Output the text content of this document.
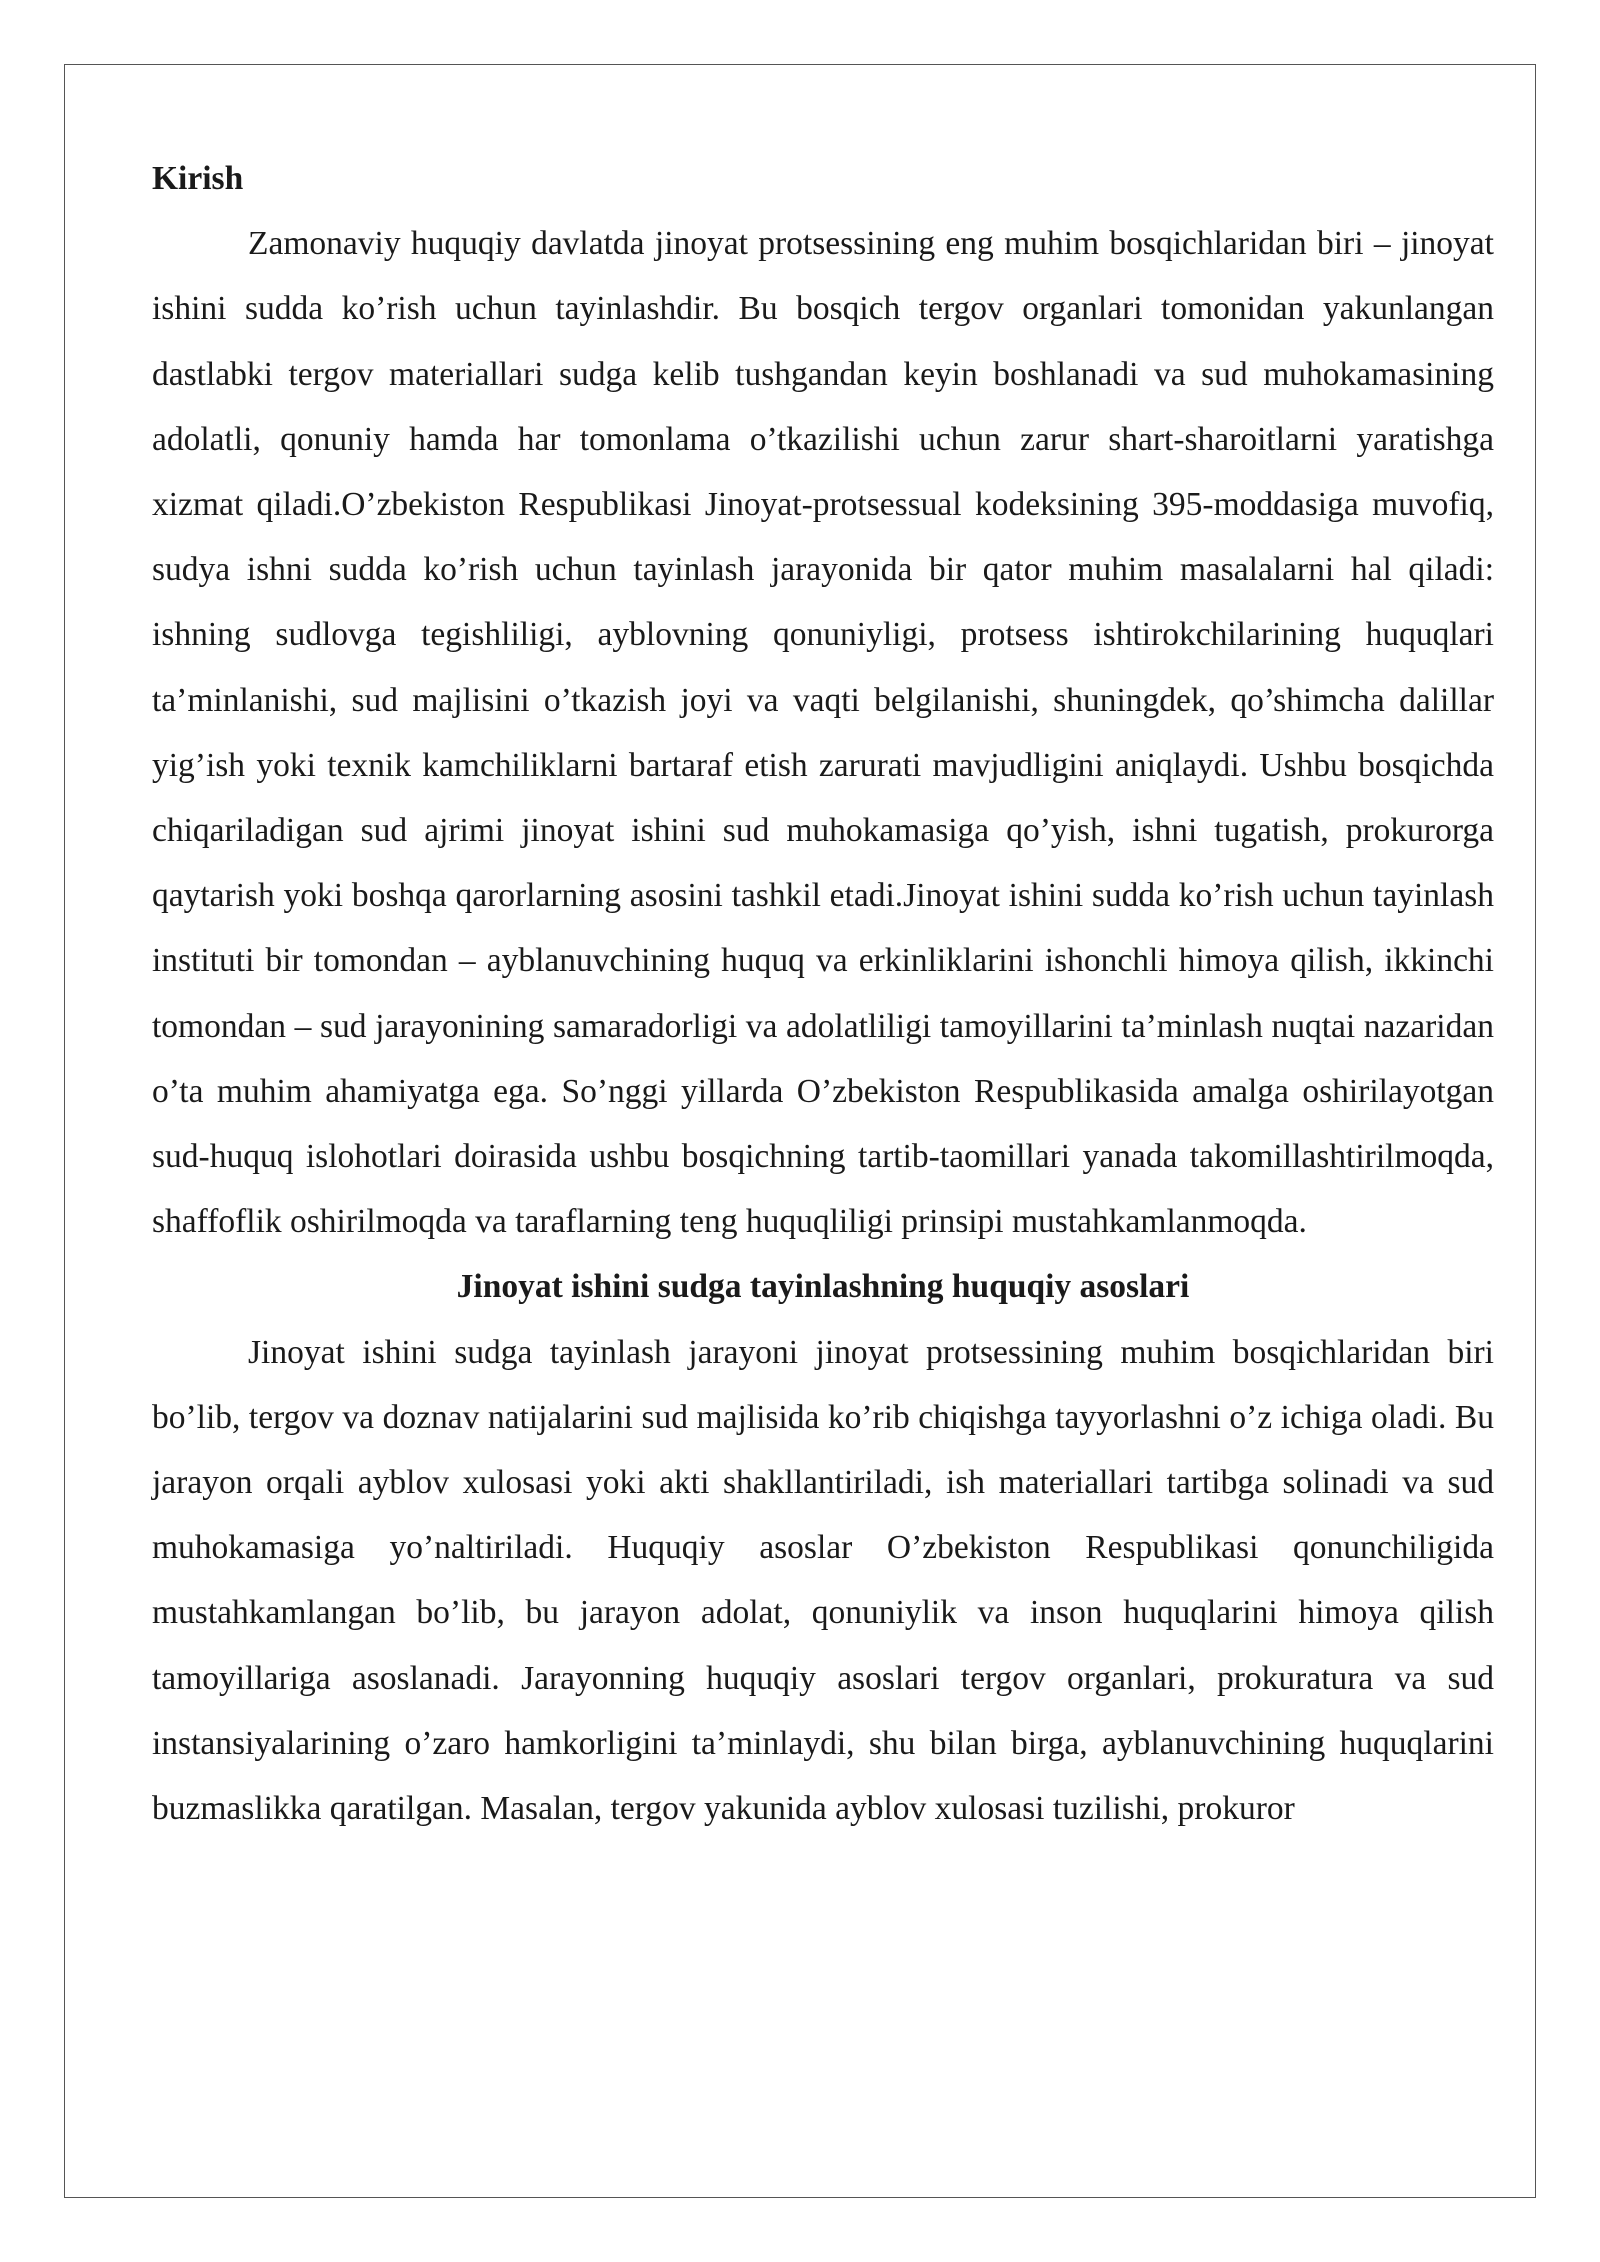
Kirish

Zamonaviy huquqiy davlatda jinoyat protsessining eng muhim bosqichlaridan biri – jinoyat ishini sudda ko’rish uchun tayinlashdir. Bu bosqich tergov organlari tomonidan yakunlangan dastlabki tergov materiallari sudga kelib tushgandan keyin boshlanadi va sud muhokamasining adolatli, qonuniy hamda har tomonlama o’tkazilishi uchun zarur shart-sharoitlarni yaratishga xizmat qiladi.O’zbekiston Respublikasi Jinoyat-protsessual kodeksining 395-moddasiga muvofiq, sudya ishni sudda ko’rish uchun tayinlash jarayonida bir qator muhim masalalarni hal qiladi: ishning sudlovga tegishliligi, ayblovning qonuniyligi, protsess ishtirokchilarining huquqlari ta’minlanishi, sud majlisini o’tkazish joyi va vaqti belgilanishi, shuningdek, qo’shimcha dalillar yig’ish yoki texnik kamchiliklarni bartaraf etish zarurati mavjudligini aniqlaydi. Ushbu bosqichda chiqariladigan sud ajrimi jinoyat ishini sud muhokamasiga qo’yish, ishni tugatish, prokurorga qaytarish yoki boshqa qarorlarning asosini tashkil etadi.Jinoyat ishini sudda ko’rish uchun tayinlash instituti bir tomondan – ayblanuvchining huquq va erkinliklarini ishonchli himoya qilish, ikkinchi tomondan – sud jarayonining samaradorligi va adolatliligi tamoyillarini ta’minlash nuqtai nazaridan o’ta muhim ahamiyatga ega. So’nggi yillarda O’zbekiston Respublikasida amalga oshirilayotgan sud-huquq islohotlari doirasida ushbu bosqichning tartib-taomillari yanada takomillashtirilmoqda, shaffoflik oshirilmoqda va taraflarning teng huquqliligi prinsipi mustahkamlanmoqda.

Jinoyat ishini sudga tayinlashning huquqiy asoslari

Jinoyat ishini sudga tayinlash jarayoni jinoyat protsessining muhim bosqichlaridan biri bo’lib, tergov va doznav natijalarini sud majlisida ko’rib chiqishga tayyorlashni o’z ichiga oladi. Bu jarayon orqali ayblov xulosasi yoki akti shakllantiriladi, ish materiallari tartibga solinadi va sud muhokamasiga yo’naltiriladi. Huquqiy asoslar O’zbekiston Respublikasi qonunchiligida mustahkamlangan bo’lib, bu jarayon adolat, qonuniylik va inson huquqlarini himoya qilish tamoyillariga asoslanadi. Jarayonning huquqiy asoslari tergov organlari, prokuratura va sud instansiyalarining o’zaro hamkorligini ta’minlaydi, shu bilan birga, ayblanuvchining huquqlarini buzmaslikka qaratilgan. Masalan, tergov yakunida ayblov xulosasi tuzilishi, prokuror
